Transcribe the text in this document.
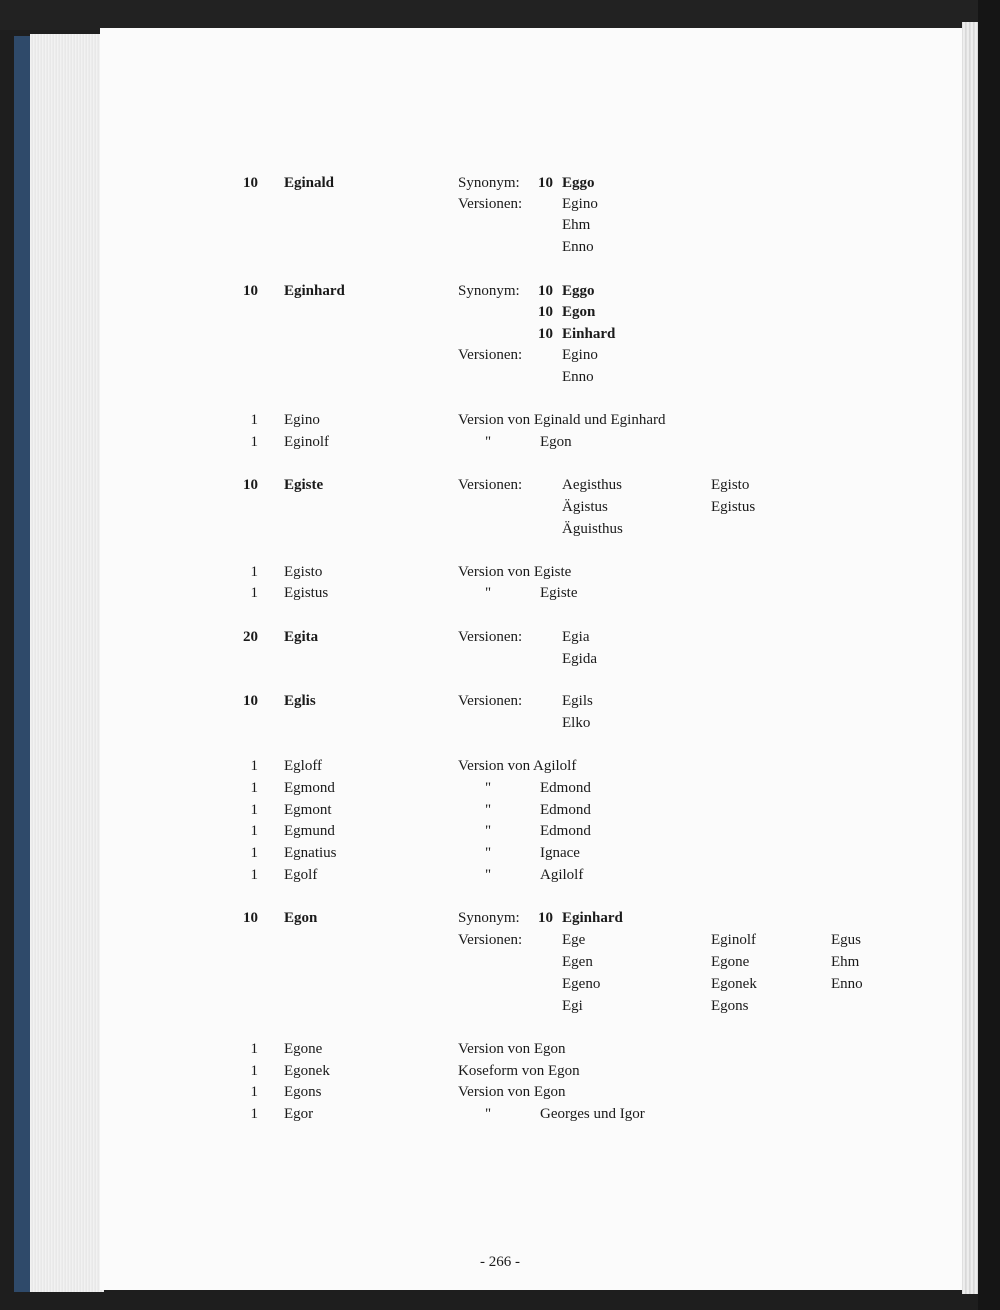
10 Eginald	Synonym: 10 Eggo
Versionen:	Egino
Ehm
Enno
10 Eginhard	Synonym: 10 Eggo
10 Egon
10 Einhard
Versionen:	Egino
Enno
1 Egino	Version von Eginald und Eginhard
1 Eginolf	"	Egon
10 Egiste	Versionen:	Aegisthus	Egisto
Ägistus	Egistus
Äguisthus
1 Egisto	Version von Egiste
1 Egistus	"	Egiste
20 Egita	Versionen:	Egia
Egida
10 Eglis	Versionen:	Egils
Elko
1 Egloff	Version von Agilolf
1 Egmond	"	Edmond
1 Egmont	"	Edmond
1 Egmund	"	Edmond
1 Egnatius	"	Ignace
1 Egolf	"	Agilolf
10 Egon	Synonym: 10 Eginhard
Versionen:	Ege	Eginolf	Egus
Egen	Egone	Ehm
Egeno	Egonek	Enno
Egi	Egons
1 Egone	Version von Egon
1 Egonek	Koseform von Egon
1 Egons	Version von Egon
1 Egor	"	Georges und Igor
- 266 -
